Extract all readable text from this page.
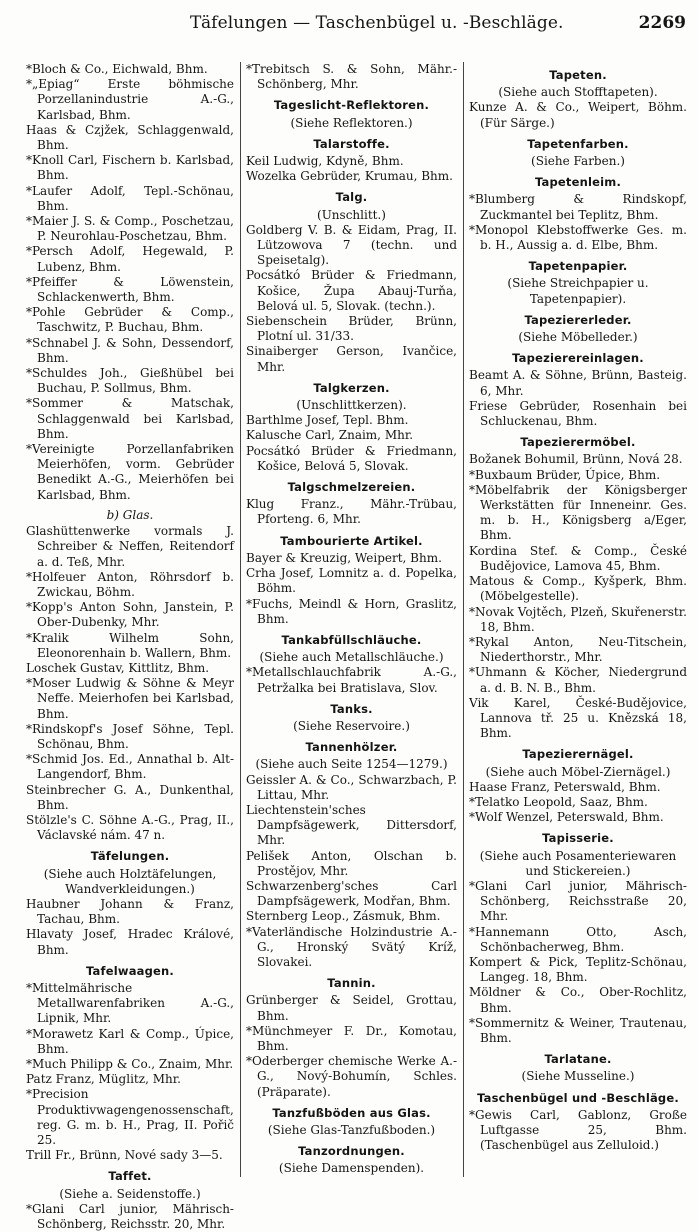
Täfelungen — Taschenbügel u. -Beschläge.	2269

*Bloch & Co., Eichwald, Bhm.

*„Epiag“ Erste böhmische Porzellanindustrie A.-G., Karlsbad, Bhm.

Haas & Czjžek, Schlaggenwald, Bhm.

*Knoll Carl, Fischern b. Karlsbad, Bhm.

*Laufer Adolf, Tepl.-Schönau, Bhm.

*Maier J. S. & Comp., Poschetzau, P. Neurohlau-Poschetzau, Bhm.

*Persch Adolf, Hegewald, P. Lubenz, Bhm.

*Pfeiffer & Löwenstein, Schlackenwerth, Bhm.

*Pohle Gebrüder & Comp., Taschwitz, P. Buchau, Bhm.

*Schnabel J. & Sohn, Dessendorf, Bhm.

*Schuldes Joh., Gießhübel bei Buchau, P. Sollmus, Bhm.

*Sommer & Matschak, Schlaggenwald bei Karlsbad, Bhm.

*Vereinigte Porzellanfabriken Meierhöfen, vorm. Gebrüder Benedikt A.-G., Meierhöfen bei Karlsbad, Bhm.

b) Glas.

Glashüttenwerke vormals J. Schreiber & Neffen, Reitendorf a. d. Teß, Mhr.

*Holfeuer Anton, Röhrsdorf b. Zwickau, Böhm.

*Kopp's Anton Sohn, Janstein, P. Ober-Dubenky, Mhr.

*Kralik Wilhelm Sohn, Eleonorenhain b. Wallern, Bhm.

Loschek Gustav, Kittlitz, Bhm.

*Moser Ludwig & Söhne & Meyr Neffe. Meierhofen bei Karlsbad, Bhm.

*Rindskopf's Josef Söhne, Tepl. Schönau, Bhm.

*Schmid Jos. Ed., Annathal b. Alt-Langendorf, Bhm.

Steinbrecher G. A., Dunkenthal, Bhm.

Stölzle's C. Söhne A.-G., Prag, II., Václavské nám. 47 n.

Täfelungen.

(Siehe auch Holztäfelungen, Wandverkleidungen.)

Haubner Johann & Franz, Tachau, Bhm.

Hlavaty Josef, Hradec Králové, Bhm.

Tafelwaagen.

*Mittelmährische Metallwarenfabriken A.-G., Lipnik, Mhr.

*Morawetz Karl & Comp., Úpice, Bhm.

*Much Philipp & Co., Znaim, Mhr.

Patz Franz, Müglitz, Mhr.

*Precision Produktivwagengenossenschaft, reg. G. m. b. H., Prag, II. Pořič 25.

Trill Fr., Brünn, Nové sady 3—5.

Taffet.

(Siehe a. Seidenstoffe.)

*Glani Carl junior, Mährisch-Schönberg, Reichsstr. 20, Mhr.

*Trebitsch S. & Sohn, Mähr.-Schönberg, Mhr.

Tageslicht-Reflektoren.

(Siehe Reflektoren.)

Talarstoffe.

Keil Ludwig, Kdyně, Bhm.

Wozelka Gebrüder, Krumau, Bhm.

Talg.

(Unschlitt.)

Goldberg V. B. & Eidam, Prag, II. Lützowova 7 (techn. und Speisetalg).

Pocsátkó Brüder & Friedmann, Košice, Župa Abauj-Turňa, Belová ul. 5, Slovak. (techn.).

Siebenschein Brüder, Brünn, Plotní ul. 31/33.

Sinaiberger Gerson, Ivančice, Mhr.

Talgkerzen.

(Unschlittkerzen).

Barthlme Josef, Tepl. Bhm.

Kalusche Carl, Znaim, Mhr.

Pocsátkó Brüder & Friedmann, Košice, Belová 5, Slovak.

Talgschmelzereien.

Klug Franz., Mähr.-Trübau, Pforteng. 6, Mhr.

Tambourierte Artikel.

Bayer & Kreuzig, Weipert, Bhm.

Crha Josef, Lomnitz a. d. Popelka, Böhm.

*Fuchs, Meindl & Horn, Graslitz, Bhm.

Tankabfüllschläuche.

(Siehe auch Metallschläuche.)

*Metallschlauchfabrik A.-G., Petržalka bei Bratislava, Slov.

Tanks.

(Siehe Reservoire.)

Tannenhölzer.

(Siehe auch Seite 1254—1279.)

Geissler A. & Co., Schwarzbach, P. Littau, Mhr.

Liechtenstein'sches Dampfsägewerk, Dittersdorf, Mhr.

Pelišek Anton, Olschan b. Prostějov, Mhr.

Schwarzenberg'sches Carl Dampfsägewerk, Modřan, Bhm.

Sternberg Leop., Zásmuk, Bhm.

*Vaterländische Holzindustrie A.-G., Hronský Svätý Kríž, Slovakei.

Tannin.

Grünberger & Seidel, Grottau, Bhm.

*Münchmeyer F. Dr., Komotau, Bhm.

*Oderberger chemische Werke A.-G., Nový-Bohumín, Schles. (Präparate).

Tanzfußböden aus Glas.

(Siehe Glas-Tanzfußboden.)

Tanzordnungen.

(Siehe Damenspenden).

Tapeten.

(Siehe auch Stofftapeten).

Kunze A. & Co., Weipert, Böhm. (Für Särge.)

Tapetenfarben.

(Siehe Farben.)

Tapetenleim.

*Blumberg & Rindskopf, Zuckmantel bei Teplitz, Bhm.

*Monopol Klebstoffwerke Ges. m. b. H., Aussig a. d. Elbe, Bhm.

Tapetenpapier.

(Siehe Streichpapier u. Tapetenpapier).

Tapeziererleder.

(Siehe Möbelleder.)

Tapezierereinlagen.

Beamt A. & Söhne, Brünn, Basteig. 6, Mhr.

Friese Gebrüder, Rosenhain bei Schluckenau, Bhm.

Tapezierermöbel.

Božanek Bohumil, Brünn, Nová 28.

*Buxbaum Brüder, Úpice, Bhm.

*Möbelfabrik der Königsberger Werkstätten für Inneneinr. Ges. m. b. H., Königsberg a/Eger, Bhm.

Kordina Stef. & Comp., České Budějovice, Lamova 45, Bhm.

Matous & Comp., Kyšperk, Bhm. (Möbelgestelle).

*Novak Vojtěch, Plzeň, Skuřenerstr. 18, Bhm.

*Rykal Anton, Neu-Titschein, Niederthorstr., Mhr.

*Uhmann & Köcher, Niedergrund a. d. B. N. B., Bhm.

Vik Karel, České-Budějovice, Lannova tř. 25 u. Knězská 18, Bhm.

Tapezierernägel.

(Siehe auch Möbel-Ziernägel.)

Haase Franz, Peterswald, Bhm.

*Telatko Leopold, Saaz, Bhm.

*Wolf Wenzel, Peterswald, Bhm.

Tapisserie.

(Siehe auch Posamenteriewaren und Stickereien.)

*Glani Carl junior, Mährisch-Schönberg, Reichsstraße 20, Mhr.

*Hannemann Otto, Asch, Schönbacherweg, Bhm.

Kompert & Pick, Teplitz-Schönau, Langeg. 18, Bhm.

Möldner & Co., Ober-Rochlitz, Bhm.

*Sommernitz & Weiner, Trautenau, Bhm.

Tarlatane.

(Siehe Musseline.)

Taschenbügel und -Beschläge.

*Gewis Carl, Gablonz, Große Luftgasse 25, Bhm. (Taschenbügel aus Zelluloid.)
